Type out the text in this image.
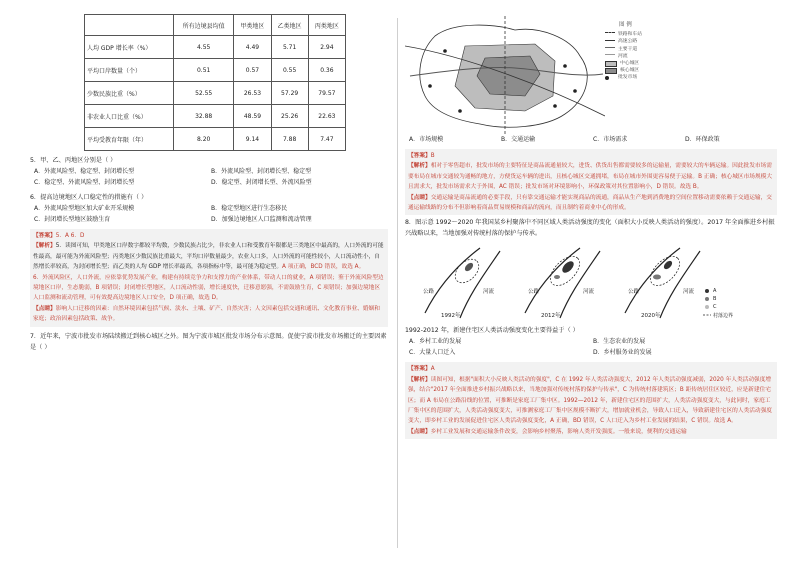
	所有边境县均值	甲类地区	乙类地区	丙类地区
人均 GDP 增长率（%）	4.55	4.49	5.71	2.94
平均口岸数量（个）	0.51	0.57	0.55	0.36
少数民族比重（%）	52.55	26.53	57.29	79.57
非农业人口比重（%）	32.88	48.59	25.26	22.63
平均受教育年限（年）	8.20	9.14	7.88	7.47
5．甲、乙、丙地区分别是（ ）
A．外流风险型、稳定型、封闭增长型	B．外流风险型、封闭增长型、稳定型
C．稳定型、外流风险型、封闭增长型	D．稳定型、封闭增长型、外流风险型
6．提高边境地区人口稳定性的措施有（ ）
A．外流风险型地区加大矿业开采规模	B．稳定型地区进行生态移民
C．封闭增长型地区鼓励生育	D．加强边境地区人口监测和流动管理

【答案】5．A 6．D

【解析】5．读图可知，甲类地区口岸数字都较平均数，少数民族占比少，非农业人口和受教育年限都是三类地区中最高的，人口外流的可能性最高，最可能为外流风险型；丙类地区少数民族比重最大，平均口岸数量最少，农业人口多，人口外流的可能性较小，人口流动性小，自然增长率较高，为封闭增长型；而乙类的人均 GDP 增长率最高，各项指标中等，最可能为稳定型。A 项正确，BCD 错误，故选 A。

6．外流风险区，人口外流，应依靠优势发展产业，构建有持续竞争力和支撑力的产业体系，带动人口的就业，A 项错误；鉴于外流风险型边境地区口岸，生态脆弱，B 项错误；封闭增长型地区，人口流动性弱，增长速度快，迁移意愿强，不需鼓励生育，C 项错误；加强边境地区人口监测和流动管理，可有效提高边境地区人口安全，D 项正确，故选 D。

【点睛】影响人口迁移的因素：自然环境因素包括气候、淡水、土壤、矿产、自然灾害；人文因素包括交通和通讯、文化教育事业、婚姻和家庭；政治因素包括政策、战争。

7．近年来，宁波市批发市场陆续搬迁到核心城区之外。图为宁波市城区批发市场分布示意图。促使宁波市批发市场搬迁的主要因素是（ ）
图 例
铁路和车站
高速公路
主要干道
河流
中心城区
核心城区
批发市场
A．市场规模	B．交通运输	C．市场需求	D．环保政策

【答案】B

【解析】相对于零售超市，批发市场的主要特征是商品流通量较大，进货、供货出售都需要较多的运输量，需要较大的车辆运输。因此批发市场需要布局在城市交通较为通畅的地方，方便货运车辆的进出，且核心城区交通拥堵，布局在城市外围更容易便于运输。B 正确；核心城区市场规模大且需求大，批发市场需求大于外围，AC 错误；批发市场对环境影响小，环保政策对其位置影响小，D 错误。故选 B。

【点睛】交通运输是商品流通的必要手段，只有靠交通运输才能实现商品的流通，商品从生产地到消费地的空间位置移动需要依赖于交通运输，交通运输线路的分布不但影响着商品贸易规模和商品的流向，而且制约着商业中心的形成。

8．图示意 1992～2020 年我国某乡村聚落中不同区域人类活动强度的变化（面积大小反映人类活动的强度）。2017 年全面推进乡村振兴战略以来，当地加强对传统村落的保护与传承。
公路	河流	公路	河流	公路	河流
1992年	2012年	2020年
A
B
C
村落边界
1992-2012 年，新建住宅区人类活动强度变化主要得益于（ ）
A．乡村工业的发展	B．生态农业的发展
C．大量人口迁入	D．乡村服务业的发展

【答案】A

【解析】读图可知，根据"面积大小反映人类活动的强度"，C 在 1992 年人类活动强度大，2012 年人类活动强度减弱，2020 年人类活动强度增强，结合"2017 年全面推进乡村振兴战略以来，当地加强对传统村落的保护与传承"，C 为传统村落建筑区；B 距传统居住区较近，应是新建住宅区；而 A 布局在公路沿线的位置，可推断是家庭工厂集中区。1992—2012 年，新建住宅区的范围扩大，人类活动强度变大，与此同时，家庭工厂集中区的范围扩大，人类活动强度变大，可推测家庭工厂集中区规模不断扩大，增加就业机会，导致人口迁入，导致新建住宅区的人类活动强度变大，即乡村工业的发展促进住宅区人类活动强度变化，A 正确，BD 错误，C 人口迁入为乡村工业发展的结果，C 错误。故选 A。

【点睛】乡村工业发展和交通运输条件改变，会影响乡村聚落，影响人类开发强度。一般来说，便利的交通运输
